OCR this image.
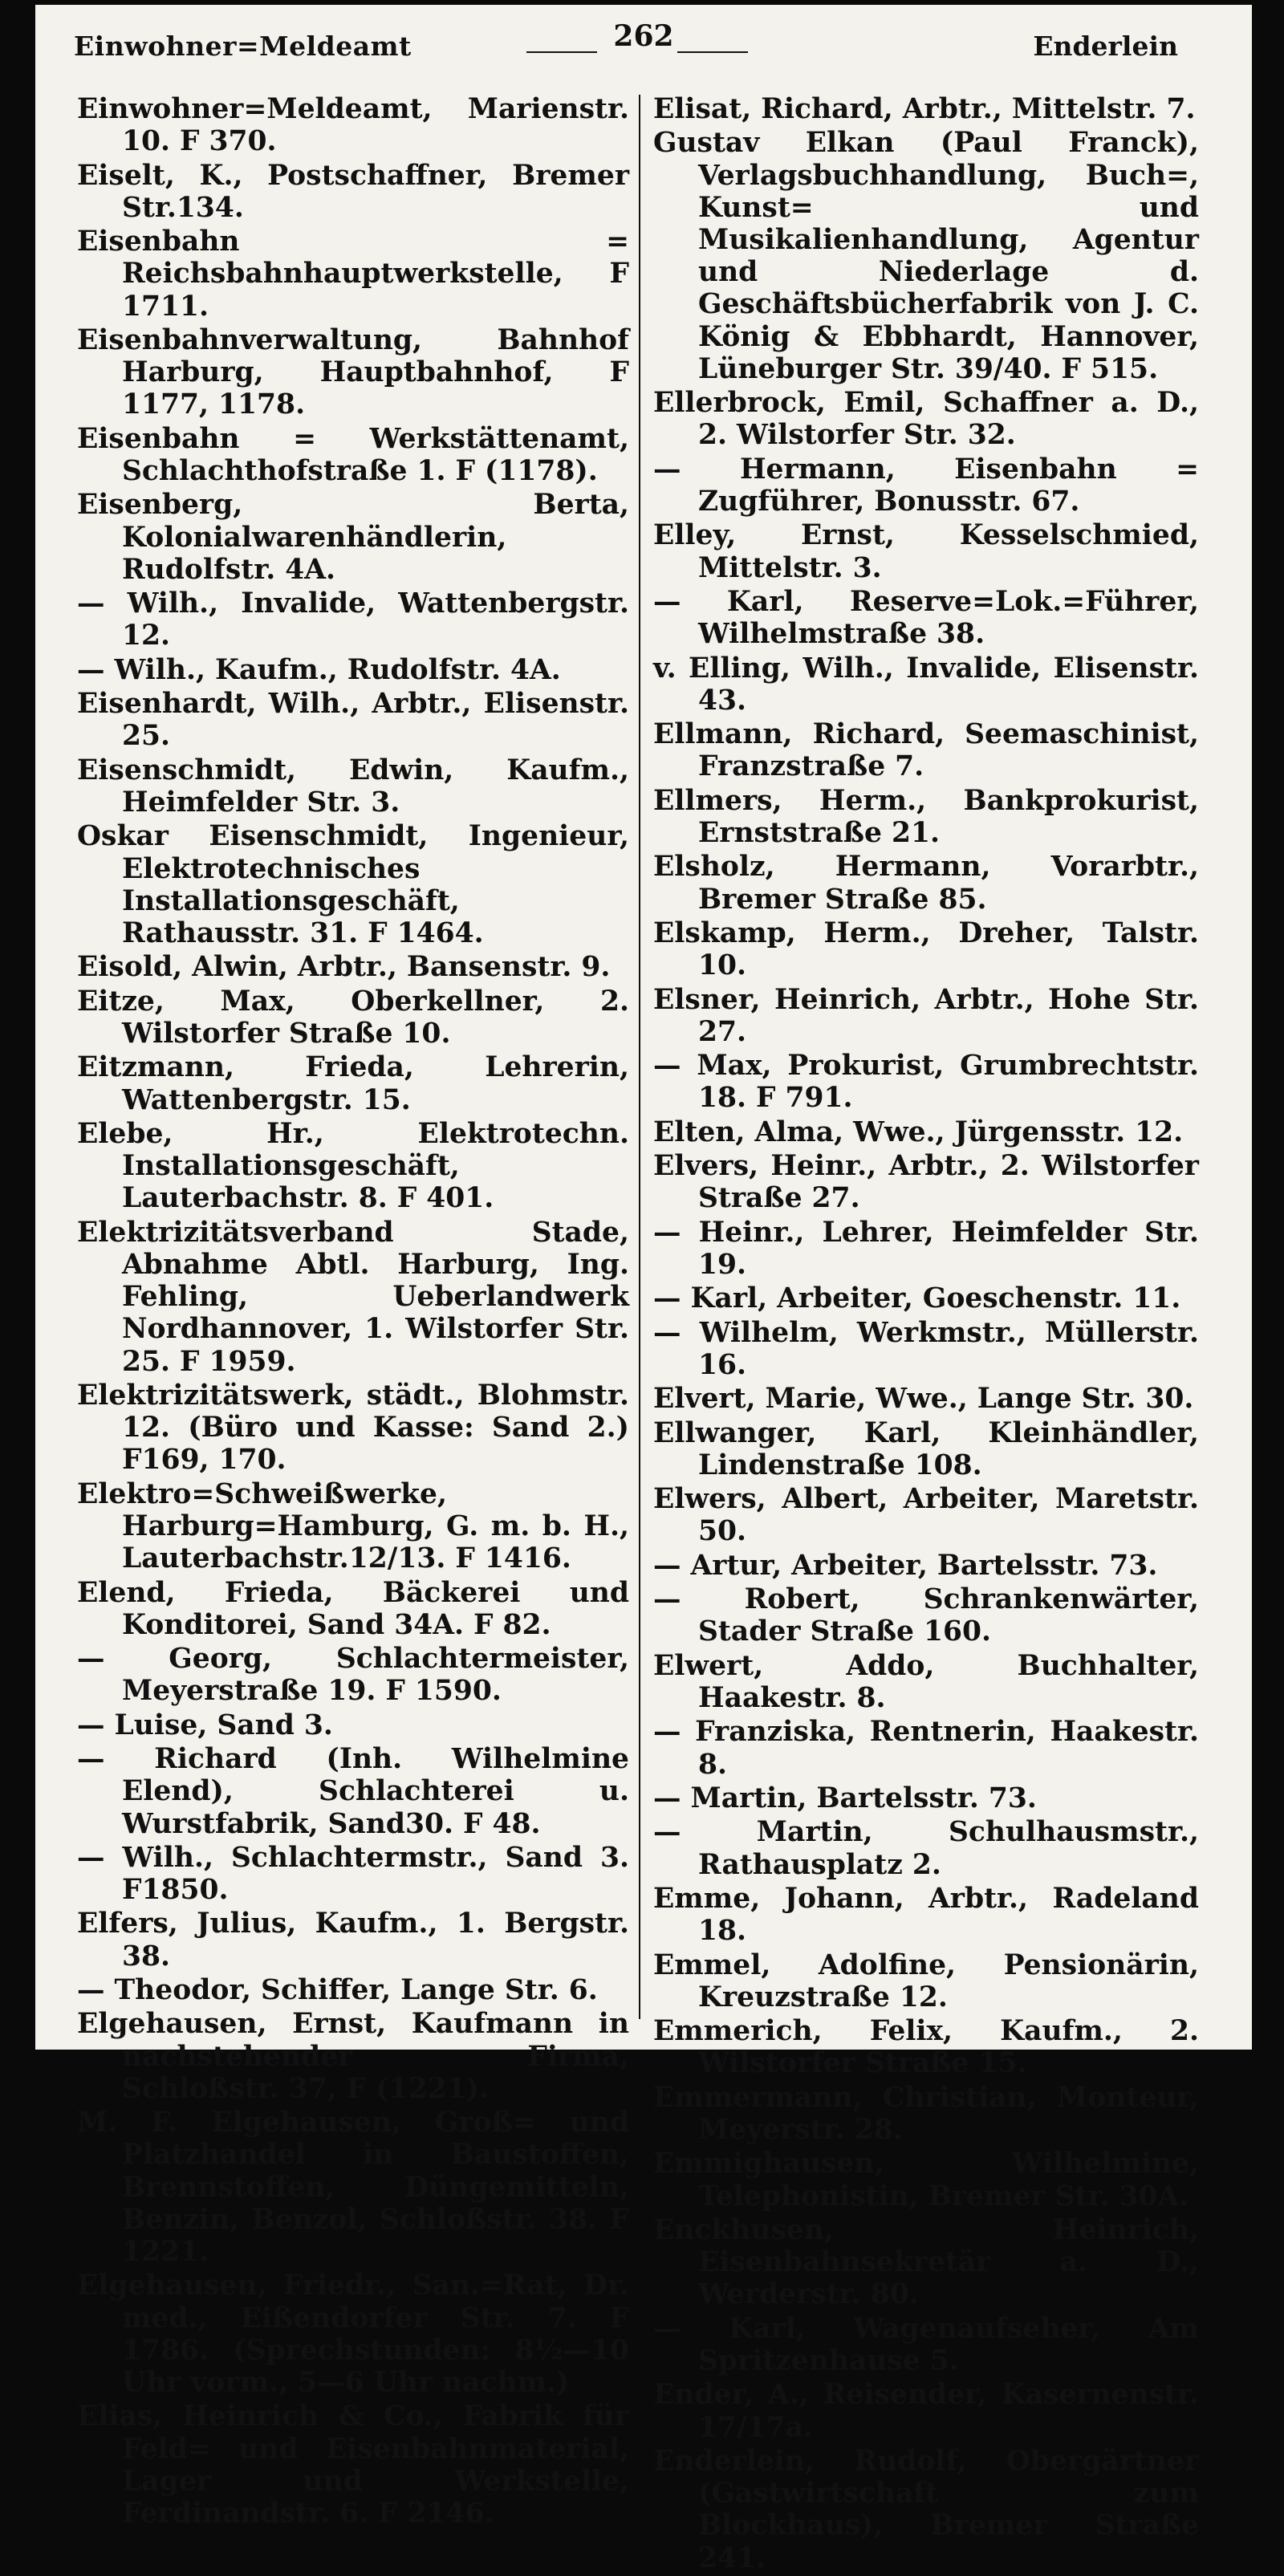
Einwohner=Meldeamt	262	Enderlein
Einwohner=Meldeamt, Marienstr. 10. F 370.
Eiselt, K., Postschaffner, Bremer Str.134.
Eisenbahn = Reichsbahnhauptwerkstelle, F 1711.
Eisenbahnverwaltung, Bahnhof Harburg, Hauptbahnhof, F 1177, 1178.
Eisenbahn = Werkstättenamt, Schlachthofstraße 1. F (1178).
Eisenberg, Berta, Kolonialwarenhändlerin, Rudolfstr. 4A.
— Wilh., Invalide, Wattenbergstr. 12.
— Wilh., Kaufm., Rudolfstr. 4A.
Eisenhardt, Wilh., Arbtr., Elisenstr. 25.
Eisenschmidt, Edwin, Kaufm., Heimfelder Str. 3.
Oskar Eisenschmidt, Ingenieur, Elektrotechnisches Installationsgeschäft, Rathausstr. 31. F 1464.
Eisold, Alwin, Arbtr., Bansenstr. 9.
Eitze, Max, Oberkellner, 2. Wilstorfer Straße 10.
Eitzmann, Frieda, Lehrerin, Wattenbergstr. 15.
Elebe, Hr., Elektrotechn. Installationsgeschäft, Lauterbachstr. 8. F 401.
Elektrizitätsverband Stade, Abnahme Abtl. Harburg, Ing. Fehling, Ueberlandwerk Nordhannover, 1. Wilstorfer Str. 25. F 1959.
Elektrizitätswerk, städt., Blohmstr. 12. (Büro und Kasse: Sand 2.) F169, 170.
Elektro=Schweißwerke, Harburg=Hamburg, G. m. b. H., Lauterbachstr.12/13. F 1416.
Elend, Frieda, Bäckerei und Konditorei, Sand 34A. F 82.
— Georg, Schlachtermeister, Meyerstraße 19. F 1590.
— Luise, Sand 3.
— Richard (Inh. Wilhelmine Elend), Schlachterei u. Wurstfabrik, Sand30. F 48.
— Wilh., Schlachtermstr., Sand 3. F1850.
Elfers, Julius, Kaufm., 1. Bergstr. 38.
— Theodor, Schiffer, Lange Str. 6.
Elgehausen, Ernst, Kaufmann in nachstehender Firma, Schloßstr. 37, F (1221).
M. F. Elgehausen, Groß= und Platzhandel in Baustoffen, Brennstoffen, Düngemitteln, Benzin, Benzol, Schloßstr. 38. F 1221.
Elgehausen, Friedr., San.=Rat, Dr. med., Eißendorfer Str. 7. F 1786. (Sprechstunden: 8½—10 Uhr vorm., 5—6 Uhr nachm.)
Elias, Heinrich & Co., Fabrik für Feld= und Eisenbahnmaterial, Lager und Werkstelle, Ferdinandstr. 6. F 2146.
Elisat, Richard, Arbtr., Mittelstr. 7.
Gustav Elkan (Paul Franck), Verlagsbuchhandlung, Buch=, Kunst= und Musikalienhandlung, Agentur und Niederlage d. Geschäftsbücherfabrik von J. C. König & Ebbhardt, Hannover, Lüneburger Str. 39/40. F 515.
Ellerbrock, Emil, Schaffner a. D., 2. Wilstorfer Str. 32.
— Hermann, Eisenbahn = Zugführer, Bonusstr. 67.
Elley, Ernst, Kesselschmied, Mittelstr. 3.
— Karl, Reserve=Lok.=Führer, Wilhelmstraße 38.
v. Elling, Wilh., Invalide, Elisenstr. 43.
Ellmann, Richard, Seemaschinist, Franzstraße 7.
Ellmers, Herm., Bankprokurist, Ernststraße 21.
Elsholz, Hermann, Vorarbtr., Bremer Straße 85.
Elskamp, Herm., Dreher, Talstr. 10.
Elsner, Heinrich, Arbtr., Hohe Str. 27.
— Max, Prokurist, Grumbrechtstr. 18. F 791.
Elten, Alma, Wwe., Jürgensstr. 12.
Elvers, Heinr., Arbtr., 2. Wilstorfer Straße 27.
— Heinr., Lehrer, Heimfelder Str. 19.
— Karl, Arbeiter, Goeschenstr. 11.
— Wilhelm, Werkmstr., Müllerstr. 16.
Elvert, Marie, Wwe., Lange Str. 30.
Ellwanger, Karl, Kleinhändler, Lindenstraße 108.
Elwers, Albert, Arbeiter, Maretstr. 50.
— Artur, Arbeiter, Bartelsstr. 73.
— Robert, Schrankenwärter, Stader Straße 160.
Elwert, Addo, Buchhalter, Haakestr. 8.
— Franziska, Rentnerin, Haakestr. 8.
— Martin, Bartelsstr. 73.
— Martin, Schulhausmstr., Rathausplatz 2.
Emme, Johann, Arbtr., Radeland 18.
Emmel, Adolfine, Pensionärin, Kreuzstraße 12.
Emmerich, Felix, Kaufm., 2. Wilstorfer Straße 15.
Emmermann, Christian, Monteur, Meyerstr. 28.
Emmighausen, Wilhelmine, Telephonistin, Bremer Str. 30A.
Enckhusen, Heinrich, Eisenbahnsekretär a. D., Werderstr. 80.
— Karl, Wagenaufseher, Am Spritzenhause 5.
Ender, A., Reisender, Kasernenstr. 17/17a.
Enderlein, Rudolf, Obergärtner (Gastwirtschaft zum Blockhaus), Bremer Straße 241.
